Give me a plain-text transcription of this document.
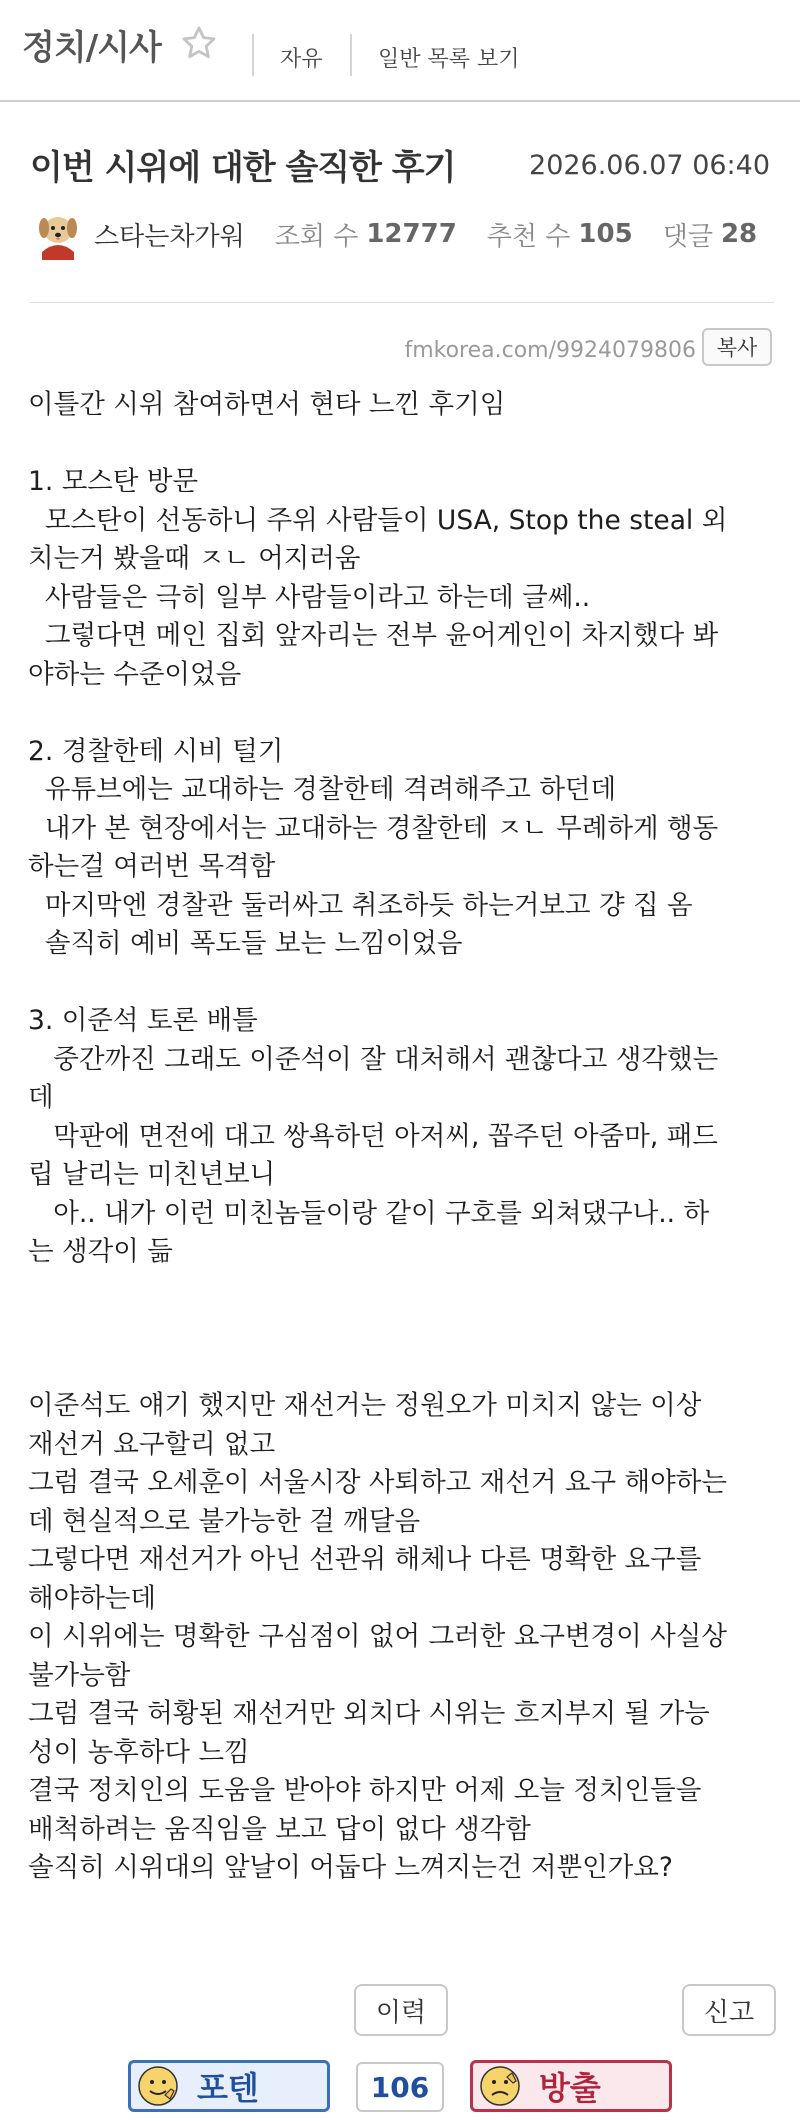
정치/시사	자유	일반 목록 보기
이번 시위에 대한 솔직한 후기	2026.06.07 06:40
스타는차가워 조회 수 12777 추천 수 105 댓글 28
fmkorea.com/9924079806 복사
이틀간 시위 참여하면서 현타 느낀 후기임
1. 모스탄 방문
모스탄이 선동하니 주위 사람들이 USA, Stop the steal 외
치는거 봤을때 ㅈㄴ 어지러움
사람들은 극히 일부 사람들이라고 하는데 글쎄..
그렇다면 메인 집회 앞자리는 전부 윤어게인이 차지했다 봐
야하는 수준이었음
2. 경찰한테 시비 털기
유튜브에는 교대하는 경찰한테 격려해주고 하던데
내가 본 현장에서는 교대하는 경찰한테 ㅈㄴ 무례하게 행동
하는걸 여러번 목격함
마지막엔 경찰관 둘러싸고 취조하듯 하는거보고 걍 집 옴
솔직히 예비 폭도들 보는 느낌이었음
3. 이준석 토론 배틀
중간까진 그래도 이준석이 잘 대처해서 괜찮다고 생각했는
데
막판에 면전에 대고 쌍욕하던 아저씨, 꼽주던 아줌마, 패드
립 날리는 미친년보니
아.. 내가 이런 미친놈들이랑 같이 구호를 외쳐댔구나.. 하
는 생각이 듦
이준석도 얘기 했지만 재선거는 정원오가 미치지 않는 이상
재선거 요구할리 없고
그럼 결국 오세훈이 서울시장 사퇴하고 재선거 요구 해야하는
데 현실적으로 불가능한 걸 깨달음
그렇다면 재선거가 아닌 선관위 해체나 다른 명확한 요구를
해야하는데
이 시위에는 명확한 구심점이 없어 그러한 요구변경이 사실상
불가능함
그럼 결국 허황된 재선거만 외치다 시위는 흐지부지 될 가능
성이 농후하다 느낌
결국 정치인의 도움을 받아야 하지만 어제 오늘 정치인들을
배척하려는 움직임을 보고 답이 없다 생각함
솔직히 시위대의 앞날이 어둡다 느껴지는건 저뿐인가요?
이력	신고
포텐	106	방출
